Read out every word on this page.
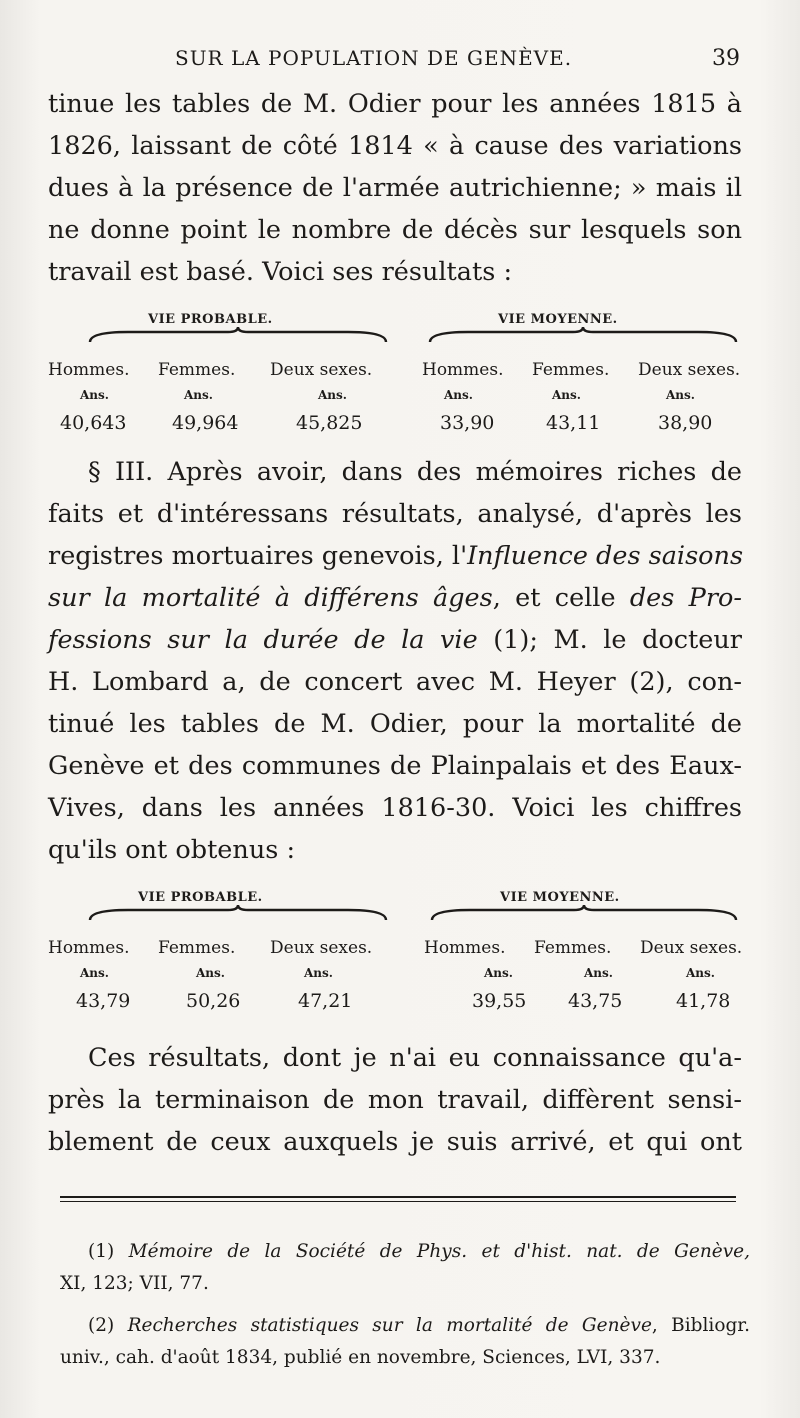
SUR LA POPULATION DE GENÈVE.	39
tinue les tables de M. Odier pour les années 1815 à
1826, laissant de côté 1814 « à cause des variations
dues à la présence de l'armée autrichienne; » mais il
ne donne point le nombre de décès sur lesquels son
travail est basé. Voici ses résultats :
VIE PROBABLE.	VIE MOYENNE.
Hommes. Femmes. Deux sexes.	Hommes. Femmes. Deux sexes.
Ans.	Ans.	Ans.	Ans.	Ans.	Ans.
40,643 49,964	45,825	33,90	43,11	38,90
§ III. Après avoir, dans des mémoires riches de
faits et d'intéressans résultats, analysé, d'après les
registres mortuaires genevois, l'Influence des saisons
sur la mortalité à différens âges, et celle des Pro-
fessions sur la durée de la vie (1); M. le docteur
H. Lombard a, de concert avec M. Heyer (2), con-
tinué les tables de M. Odier, pour la mortalité de
Genève et des communes de Plainpalais et des Eaux-
Vives, dans les années 1816-30. Voici les chiffres
qu'ils ont obtenus :
VIE PROBABLE.	VIE MOYENNE.
Hommes. Femmes. Deux sexes.	Hommes. Femmes. Deux sexes.
Ans.	Ans.	Ans.	Ans.	Ans.	Ans.
43,79	50,26	47,21	39,55 43,75	41,78
Ces résultats, dont je n'ai eu connaissance qu'a-
près la terminaison de mon travail, diffèrent sensi-
blement de ceux auxquels je suis arrivé, et qui ont
(1) Mémoire de la Société de Phys. et d'hist. nat. de Genève,
XI, 123; VII, 77.
(2) Recherches statistiques sur la mortalité de Genève, Bibliogr.
univ., cah. d'août 1834, publié en novembre, Sciences, LVI, 337.
